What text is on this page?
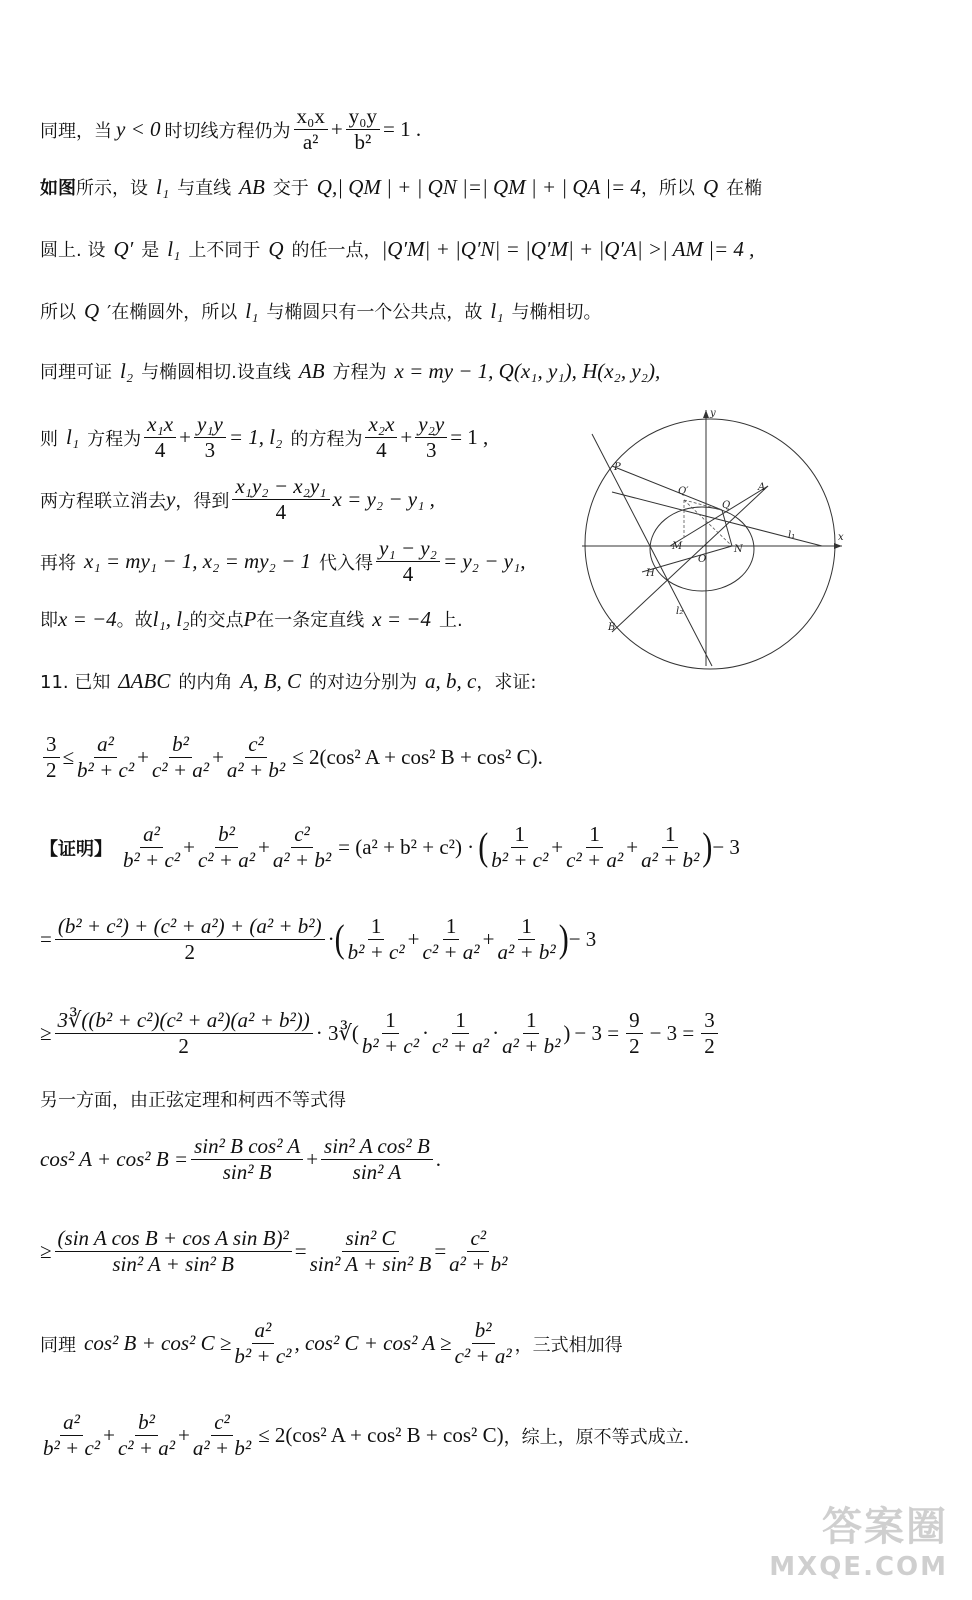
同理，当 y < 0 时切线方程仍为 $\frac{\text{x₀x}}{\text{a²}} + \frac{\text{y₀y}}{\text{b²}} = 1$ .
如图 所示，设 l₁ 与直线 AB 交于 Q,| QM | + | QN |=| QM | + | QA |= 4 ，所以 Q 在椭
圆上. 设 Q′ 是 l₁ 上不同于 Q 的任一点， |Q′M| + |Q′N| = |Q′M| + |Q′A| >| AM |= 4 ,
所以 Q ′在椭圆外，所以 l₁ 与椭圆只有一个公共点，故 l₁ 与椭相切。
同理可证 l₂ 与椭圆相切.设直线 AB 方程为 x = my − 1, Q(x₁, y₁), H(x₂, y₂),
则 l₁ 方程为 $\frac{\text{x₁x}}{4} + \frac{\text{y₁y}}{3} = 1$, l₂ 的方程为 $\frac{\text{x₂x}}{4} + \frac{\text{y₂y}}{3} = 1$ ,
两方程联立消去 y ，得到 $\frac{\text{x₁y₂ − x₂y₁}}{4}$ x = y₂ − y₁ ,
再将 x₁ = my₁ − 1, x₂ = my₂ − 1 代入得 $\frac{\text{y₁ − y₂}}{4} = y_2 - y_1$,
即 x = −4 。故 l₁, l₂ 的交点 P 在一条定直线 x = −4 上.
11. 已知 ΔABC 的内角 A, B, C 的对边分别为 a, b, c ，求证:
$\frac{3}{2} \le \frac{\text{a²}}{\text{b² + c²}} + \frac{\text{b²}}{\text{c² + a²}} + \frac{\text{c²}}{\text{a² + b²}} \le 2(\cos^2$ A + cos² B + cos² C).
【证明】 $\frac{\text{a²}}{\text{b² + c²}} + \frac{\text{b²}}{\text{c² + a²}} + \frac{\text{c²}}{\text{a² + b²}} = (a^2 + b^2 + c^2)$ · ( $\frac{1}{\text{b² + c²}} + \frac{1}{\text{c² + a²}} + \frac{1}{\text{a² + b²}}$ ) − 3
= $\frac{\text{(b² + c²) + (c² + a²) + (a² + b²)}}{2}$ · ( $\frac{1}{\text{b² + c²}} + \frac{1}{\text{c² + a²}} + \frac{1}{\text{a² + b²}}$ ) − 3
≥ $\frac{\text{3∛((b² + c²)(c² + a²)(a² + b²))}}{2}$ · 3∛( $\frac{1}{\text{b² + c²}} \cdot \frac{1}{\text{c² + a²}} \cdot \frac{1}{\text{a² + b²}}$ ) − $3 = \frac{9}{2} - 3 = \frac{3}{2}$
另一方面，由正弦定理和柯西不等式得
cos² A + cos² $B = \frac{\text{sin² B cos² A}}{\text{sin² B}} + \frac{\text{sin² A cos² B}}{\text{sin² A}}$ .
≥ $\frac{\text{(sin A cos B + cos A sin B)²}}{\text{sin² A + sin² B}} = \frac{\text{sin² C}}{\text{sin² A + sin² B}} = \frac{\text{c²}}{\text{a² + b²}}$
同理 cos² B + cos² $C \ge \frac{\text{a²}}{\text{b² + c²}}$ , cos² C + cos² $A \ge \frac{\text{b²}}{\text{c² + a²}}$ ，三式相加得
$\frac{\text{a²}}{\text{b² + c²}} + \frac{\text{b²}}{\text{c² + a²}} + \frac{\text{c²}}{\text{a² + b²}} \le 2(\cos^2$ A + cos² B + cos² C) ，综上，原不等式成立.
y
x
P
Q′
Q
A
M
O
N
H
B
l₁
l₂
答案圈
MXQE.COM
